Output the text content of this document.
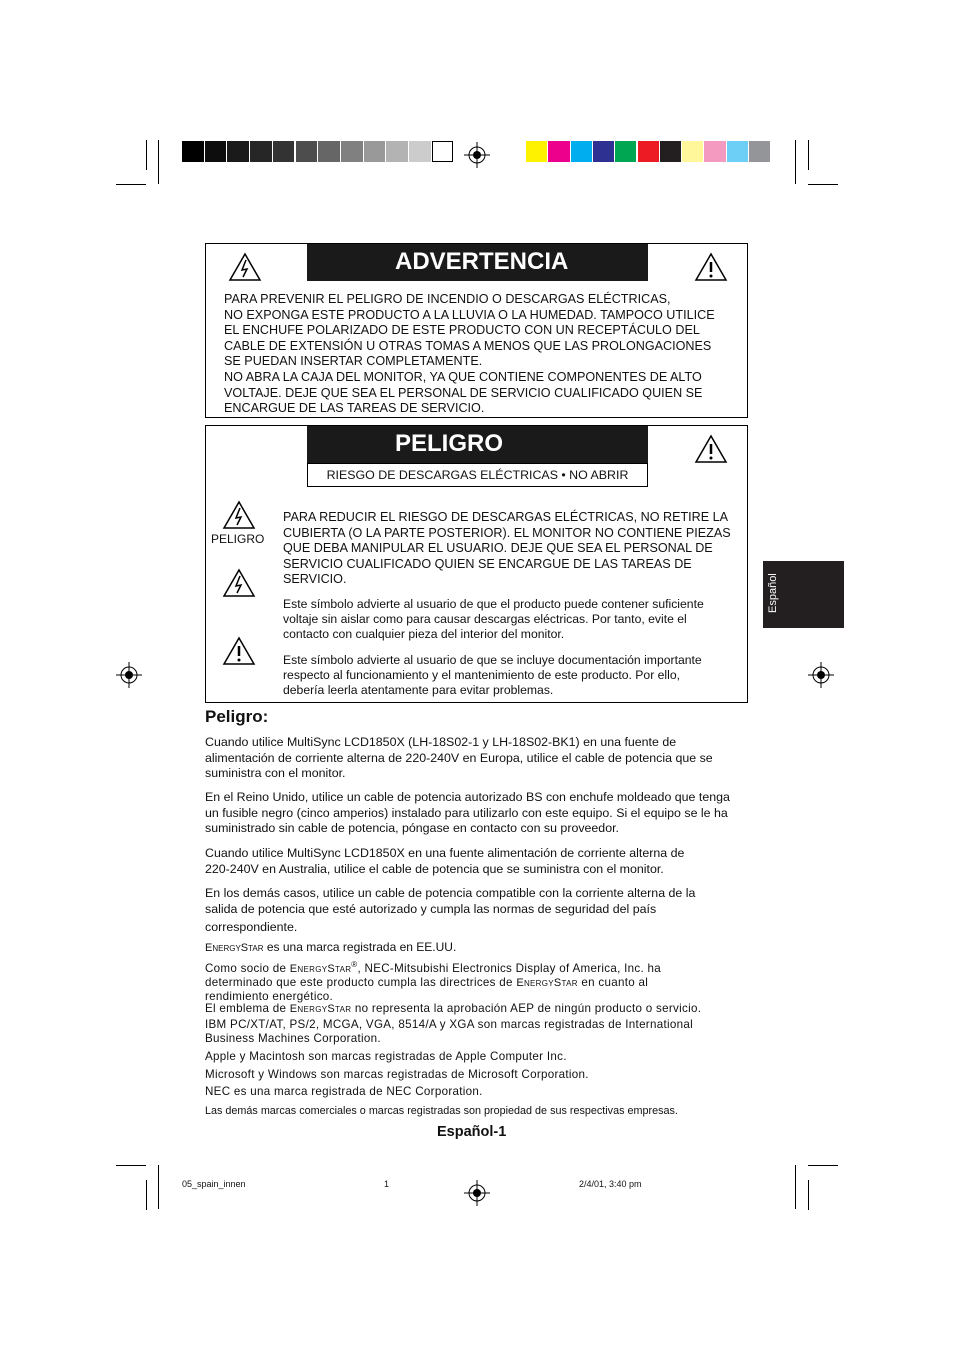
ADVERTENCIA
PARA PREVENIR EL PELIGRO DE INCENDIO O DESCARGAS ELÉCTRICAS,
NO EXPONGA ESTE PRODUCTO A LA LLUVIA O LA HUMEDAD. TAMPOCO UTILICE
EL ENCHUFE POLARIZADO DE ESTE PRODUCTO CON UN RECEPTÁCULO DEL
CABLE DE EXTENSIÓN U OTRAS TOMAS A MENOS QUE LAS PROLONGACIONES
SE PUEDAN INSERTAR COMPLETAMENTE.
NO ABRA LA CAJA DEL MONITOR, YA QUE CONTIENE COMPONENTES DE ALTO
VOLTAJE. DEJE QUE SEA EL PERSONAL DE SERVICIO CUALIFICADO QUIEN SE
ENCARGUE DE LAS TAREAS DE SERVICIO.
PELIGRO
RIESGO DE DESCARGAS ELÉCTRICAS • NO ABRIR
PELIGRO
PARA REDUCIR EL RIESGO DE DESCARGAS ELÉCTRICAS, NO RETIRE LA
CUBIERTA (O LA PARTE POSTERIOR). EL MONITOR NO CONTIENE PIEZAS
QUE DEBA MANIPULAR EL USUARIO. DEJE QUE SEA EL PERSONAL DE
SERVICIO CUALIFICADO QUIEN SE ENCARGUE DE LAS TAREAS DE
SERVICIO.
Este símbolo advierte al usuario de que el producto puede contener suficiente
voltaje sin aislar como para causar descargas eléctricas. Por tanto, evite el
contacto con cualquier pieza del interior del monitor.
Este símbolo advierte al usuario de que se incluye documentación importante
respecto al funcionamiento y el mantenimiento de este producto. Por ello,
debería leerla atentamente para evitar problemas.
Español
Peligro:
Cuando utilice MultiSync LCD1850X (LH-18S02-1 y LH-18S02-BK1) en una fuente de
alimentación de corriente alterna de 220-240V en Europa, utilice el cable de potencia que se
suministra con el monitor.
En el Reino Unido, utilice un cable de potencia autorizado BS con enchufe moldeado que tenga
un fusible negro (cinco amperios) instalado para utilizarlo con este equipo. Si el equipo se le ha
suministrado sin cable de potencia, póngase en contacto con su proveedor.
Cuando utilice MultiSync LCD1850X en una fuente alimentación de corriente alterna de
220-240V en Australia, utilice el cable de potencia que se suministra con el monitor.
En los demás casos, utilice un cable de potencia compatible con la corriente alterna de la
salida de potencia que esté autorizado y cumpla las normas de seguridad del país
correspondiente.
EnergyStar es una marca registrada en EE.UU.
Como socio de EnergyStar®, NEC-Mitsubishi Electronics Display of America, Inc. ha
determinado que este producto cumpla las directrices de EnergyStar en cuanto al
rendimiento energético.
El emblema de EnergyStar no representa la aprobación AEP de ningún producto o servicio.
IBM PC/XT/AT, PS/2, MCGA, VGA, 8514/A y XGA son marcas registradas de International
Business Machines Corporation.
Apple y Macintosh son marcas registradas de Apple Computer Inc.
Microsoft y Windows son marcas registradas de Microsoft Corporation.
NEC es una marca registrada de NEC Corporation.
Las demás marcas comerciales o marcas registradas son propiedad de sus respectivas empresas.
Español-1
05_spain_innen	1	2/4/01, 3:40 pm
